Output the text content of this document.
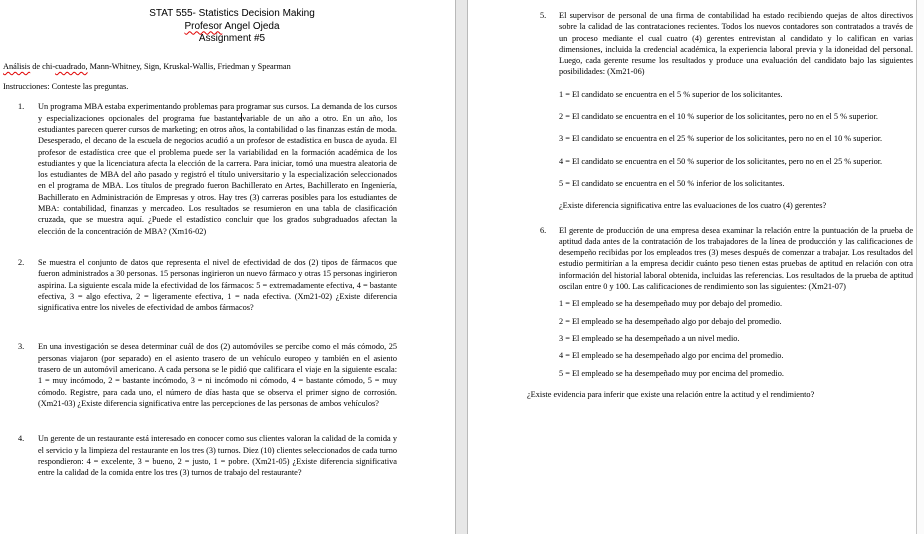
STAT 555- Statistics Decision Making
Profesor Angel Ojeda
Assignment #5
Análisis de chi-cuadrado, Mann-Whitney, Sign, Kruskal-Wallis, Friedman y Spearman
Instrucciones: Conteste las preguntas.
1.	Un programa MBA estaba experimentando problemas para programar sus cursos. La demanda de los cursos y especializaciones opcionales del programa fue bastantevariable de un año a otro. En un año, los estudiantes parecen querer cursos de marketing; en otros años, la contabilidad o las finanzas están de moda. Desesperado, el decano de la escuela de negocios acudió a un profesor de estadística en busca de ayuda. El profesor de estadística cree que el problema puede ser la variabilidad en la formación académica de los estudiantes y que la licenciatura afecta la elección de la carrera. Para iniciar, tomó una muestra aleatoria de los estudiantes de MBA del año pasado y registró el título universitario y la especialización seleccionados en el programa de MBA. Los títulos de pregrado fueron Bachillerato en Artes, Bachillerato en Ingeniería, Bachillerato en Administración de Empresas y otros. Hay tres (3) carreras posibles para los estudiantes de MBA: contabilidad, finanzas y mercadeo. Los resultados se resumieron en una tabla de clasificación cruzada, que se muestra aquí. ¿Puede el estadístico concluir que los grados subgraduados afectan la elección de la concentración de MBA? (Xm16-02)
2.	Se muestra el conjunto de datos que representa el nivel de efectividad de dos (2) tipos de fármacos que fueron administrados a 30 personas. 15 personas ingirieron un nuevo fármaco y otras 15 personas ingirieron aspirina. La siguiente escala mide la efectividad de los fármacos: 5 = extremadamente efectiva, 4 = bastante efectiva, 3 = algo efectiva, 2 = ligeramente efectiva, 1 = nada efectiva. (Xm21-02) ¿Existe diferencia significativa entre los niveles de efectividad de ambos fármacos?
3.	En una investigación se desea determinar cuál de dos (2) automóviles se percibe como el más cómodo, 25 personas viajaron (por separado) en el asiento trasero de un vehículo europeo y también en el asiento trasero de un automóvil americano. A cada persona se le pidió que calificara el viaje en la siguiente escala: 1 = muy incómodo, 2 = bastante incómodo, 3 = ni incómodo ni cómodo, 4 = bastante cómodo, 5 = muy cómodo. Registre, para cada uno, el número de días hasta que se observa el primer signo de corrosión. (Xm21-03) ¿Existe diferencia significativa entre las percepciones de las personas de ambos vehículos?
4.	Un gerente de un restaurante está interesado en conocer como sus clientes valoran la calidad de la comida y el servicio y la limpieza del restaurante en los tres (3) turnos. Diez (10) clientes seleccionados de cada turno respondieron: 4 = excelente, 3 = bueno, 2 = justo, 1 = pobre. (Xm21-05) ¿Existe diferencia significativa entre la calidad de la comida entre los tres (3) turnos de trabajo del restaurante?
5.	El supervisor de personal de una firma de contabilidad ha estado recibiendo quejas de altos directivos sobre la calidad de las contrataciones recientes. Todos los nuevos contadores son contratados a través de un proceso mediante el cual cuatro (4) gerentes entrevistan al candidato y lo califican en varias dimensiones, incluida la credencial académica, la experiencia laboral previa y la idoneidad del personal. Luego, cada gerente resume los resultados y produce una evaluación del candidato bajo las siguientes posibilidades: (Xm21-06)
1 = El candidato se encuentra en el 5 % superior de los solicitantes.
2 = El candidato se encuentra en el 10 % superior de los solicitantes, pero no en el 5 % superior.
3 = El candidato se encuentra en el 25 % superior de los solicitantes, pero no en el 10 % superior.
4 = El candidato se encuentra en el 50 % superior de los solicitantes, pero no en el 25 % superior.
5 = El candidato se encuentra en el 50 % inferior de los solicitantes.
¿Existe diferencia significativa entre las evaluaciones de los cuatro (4) gerentes?
6.	El gerente de producción de una empresa desea examinar la relación entre la puntuación de la prueba de aptitud dada antes de la contratación de los trabajadores de la línea de producción y las calificaciones de desempeño recibidas por los empleados tres (3) meses después de comenzar a trabajar. Los resultados del estudio permitirían a la empresa decidir cuánto peso tienen estas pruebas de aptitud en relación con otra información del historial laboral obtenida, incluidas las referencias. Los resultados de la prueba de aptitud oscilan entre 0 y 100. Las calificaciones de rendimiento son las siguientes: (Xm21-07)
1 = El empleado se ha desempeñado muy por debajo del promedio.
2 = El empleado se ha desempeñado algo por debajo del promedio.
3 = El empleado se ha desempeñado a un nivel medio.
4 = El empleado se ha desempeñado algo por encima del promedio.
5 = El empleado se ha desempeñado muy por encima del promedio.
¿Existe evidencia para inferir que existe una relación entre la actitud y el rendimiento?
